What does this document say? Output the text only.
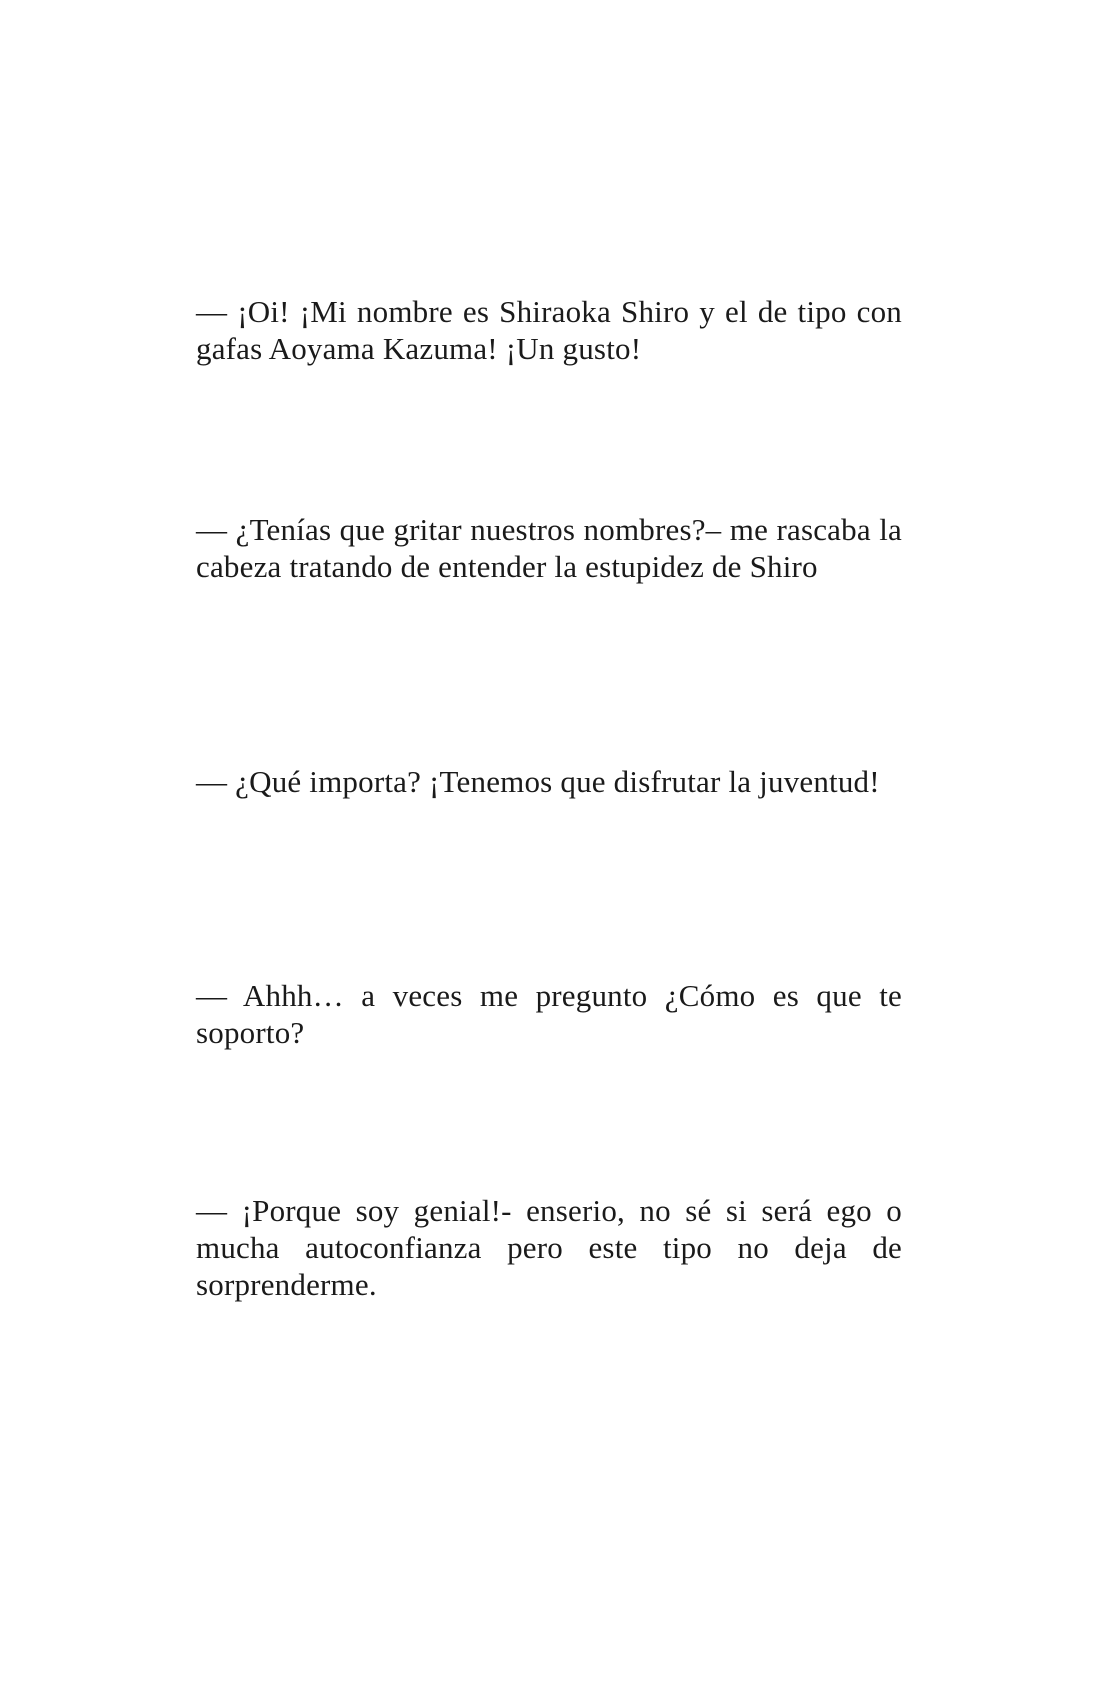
— ¡Oi! ¡Mi nombre es Shiraoka Shiro y el de tipo con gafas Aoyama Kazuma! ¡Un gusto!

— ¿Tenías que gritar nuestros nombres?– me rascaba la cabeza tratando de entender la estupidez de Shiro

— ¿Qué importa? ¡Tenemos que disfrutar la juventud!

— Ahhh… a veces me pregunto ¿Cómo es que te soporto?

— ¡Porque soy genial!- enserio, no sé si será ego o mucha autoconfianza pero este tipo no deja de sorprenderme.
